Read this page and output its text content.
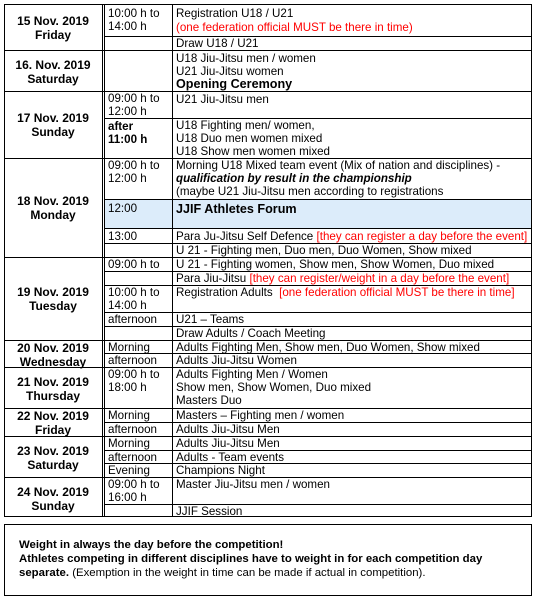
15 Nov. 2019
Friday
16. Nov. 2019
Saturday
17 Nov. 2019
Sunday
18 Nov. 2019
Monday
19 Nov. 2019
Tuesday
20 Nov. 2019
Wednesday
21 Nov. 2019
Thursday
22 Nov. 2019
Friday
23 Nov. 2019
Saturday
24 Nov. 2019
Sunday
10:00 h to
14:00 h
09:00 h to
12:00 h
after
11:00 h
09:00 h to
12:00 h
12:00
13:00
09:00 h to
10:00 h to
14:00 h
afternoon
Morning
afternoon
09:00 h to
18:00 h
Morning
afternoon
Morning
afternoon
Evening
09:00 h to
16:00 h
Registration U18 / U21
(one federation official MUST be there in time)
Draw U18 / U21
U18 Jiu-Jitsu men / women
U21 Jiu-Jitsu women
Opening Ceremony
U21 Jiu-Jitsu men
U18 Fighting men/ women,
U18 Duo men women mixed
U18 Show men women mixed
Morning U18 Mixed team event (Mix of nation and disciplines) -
qualification by result in the championship
(maybe U21 Jiu-Jitsu men according to registrations
JJIF Athletes Forum
Para Ju-Jitsu Self Defence [they can register a day before the event]
U 21 - Fighting men, Duo men, Duo Women, Show mixed
U 21 - Fighting women, Show men, Show Women, Duo mixed
Para Jiu-Jitsu [they can register/weight in a day before the event]
Registration Adults [one federation official MUST be there in time]
U21 – Teams
Draw Adults / Coach Meeting
Adults Fighting Men, Show men, Duo Women, Show mixed
Adults Jiu-Jitsu Women
Adults Fighting Men / Women
Show men, Show Women, Duo mixed
Masters Duo
Masters – Fighting men / women
Adults Jiu-Jitsu Men
Adults Jiu-Jitsu Men
Adults - Team events
Champions Night
Master Jiu-Jitsu men / women
JJIF Session
Weight in always the day before the competition!
Athletes competing in different disciplines have to weight in for each competition day
separate. (Exemption in the weight in time can be made if actual in competition).
